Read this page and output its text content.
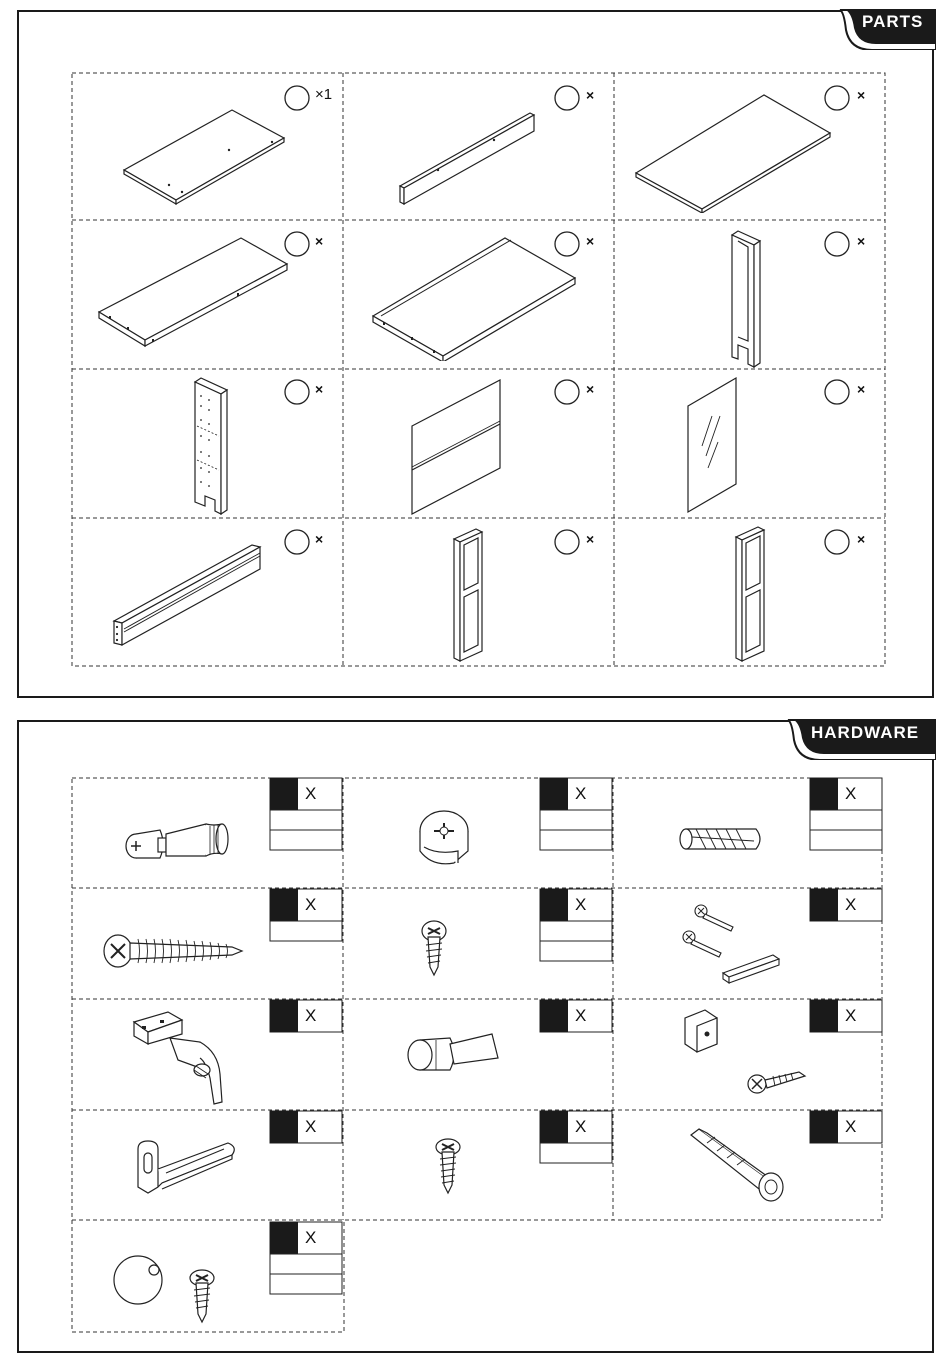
PARTS
×1	×	×
×	×	×
×	×	×
×	×	×
HARDWARE
X	X	X
X	X	X
X	X	X
X	X	X
X
